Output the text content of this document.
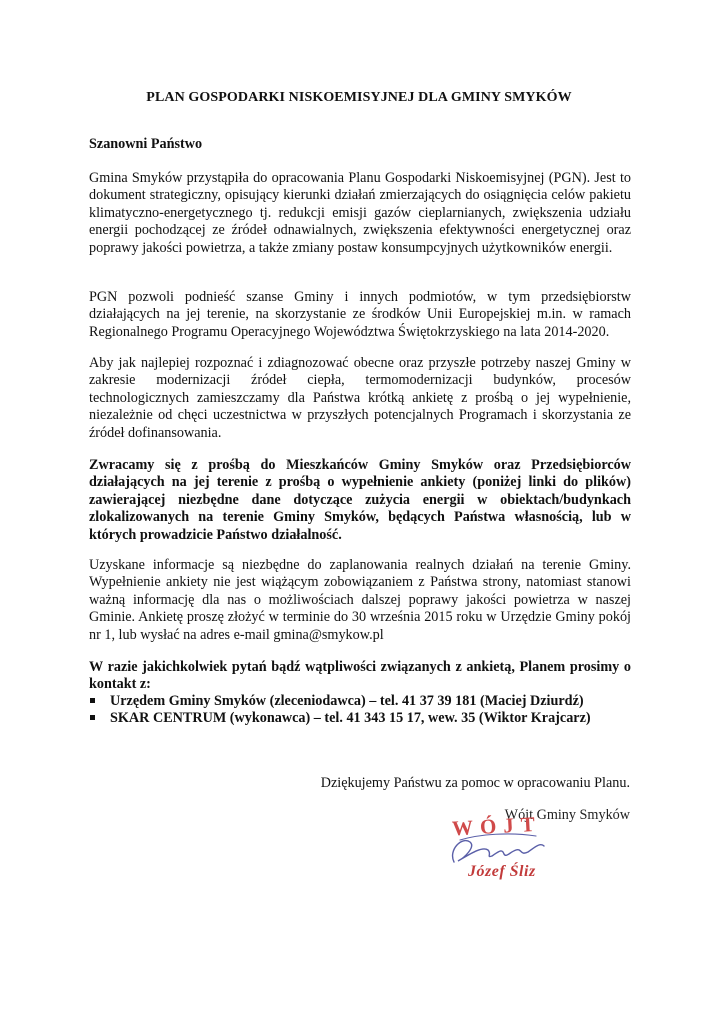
PLAN GOSPODARKI NISKOEMISYJNEJ DLA GMINY SMYKÓW
Szanowni Państwo

Gmina Smyków przystąpiła do opracowania Planu Gospodarki Niskoemisyjnej (PGN). Jest to dokument strategiczny, opisujący kierunki działań zmierzających do osiągnięcia celów pakietu klimatyczno-energetycznego tj. redukcji emisji gazów cieplarnianych, zwiększenia udziału energii pochodzącej ze źródeł odnawialnych, zwiększenia efektywności energetycznej oraz poprawy jakości powietrza, a także zmiany postaw konsumpcyjnych użytkowników energii.

PGN pozwoli podnieść szanse Gminy i innych podmiotów, w tym przedsiębiorstw działających na jej terenie, na skorzystanie ze środków Unii Europejskiej m.in. w ramach Regionalnego Programu Operacyjnego Województwa Świętokrzyskiego na lata 2014-2020.

Aby jak najlepiej rozpoznać i zdiagnozować obecne oraz przyszłe potrzeby naszej Gminy w zakresie modernizacji źródeł ciepła, termomodernizacji budynków, procesów technologicznych zamieszczamy dla Państwa krótką ankietę z prośbą o jej wypełnienie, niezależnie od chęci uczestnictwa w przyszłych potencjalnych Programach i skorzystania ze źródeł dofinansowania.

Zwracamy się z prośbą do Mieszkańców Gminy Smyków oraz Przedsiębiorców działających na jej terenie z prośbą o wypełnienie ankiety (poniżej linki do plików) zawierającej niezbędne dane dotyczące zużycia energii w obiektach/budynkach zlokalizowanych na terenie Gminy Smyków, będących Państwa własnością, lub w których prowadzicie Państwo działalność.

Uzyskane informacje są niezbędne do zaplanowania realnych działań na terenie Gminy. Wypełnienie ankiety nie jest wiążącym zobowiązaniem z Państwa strony, natomiast stanowi ważną informację dla nas o możliwościach dalszej poprawy jakości powietrza w naszej Gminie. Ankietę proszę złożyć w terminie do 30 września 2015 roku w Urzędzie Gminy pokój nr 1, lub wysłać na adres e-mail gmina@smykow.pl

W razie jakichkolwiek pytań bądź wątpliwości związanych z ankietą, Planem prosimy o kontakt z:

Urzędem Gminy Smyków (zleceniodawca) – tel. 41 37 39 181 (Maciej Dziurdź)
SKAR CENTRUM (wykonawca) – tel. 41 343 15 17, wew. 35 (Wiktor Krajcarz)
Dziękujemy Państwu za pomoc w opracowaniu Planu.
Wójt Gminy Smyków
WÓJT
Józef Śliz
